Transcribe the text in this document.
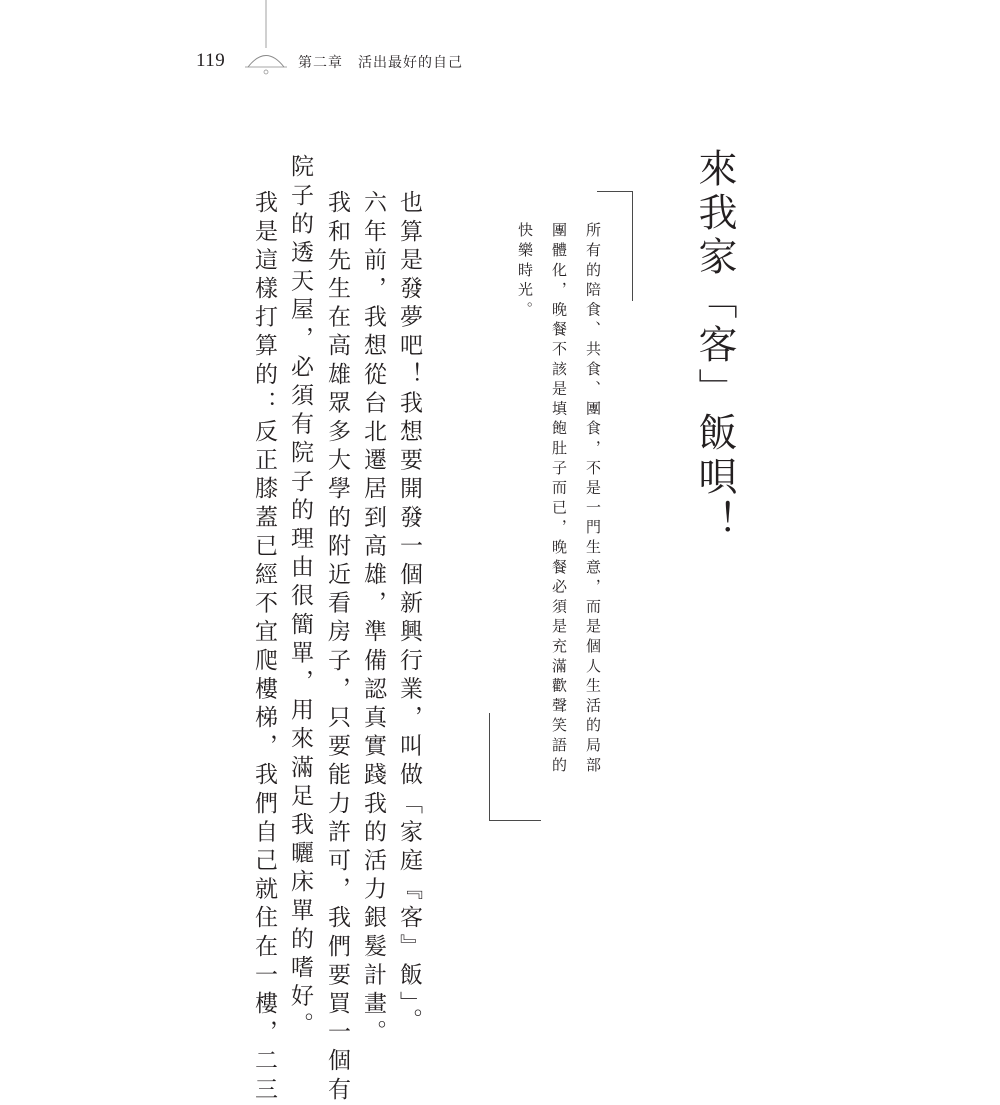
119	第二章　活出最好的自己
來我家「客」飯唄！
所有的陪食、共食、團食，不是一門生意，而是個人生活的局部
團體化，晚餐不該是填飽肚子而已，晚餐必須是充滿歡聲笑語的
快樂時光。
也算是發夢吧！我想要開發一個新興行業，叫做「家庭『客』飯」。
六年前，我想從台北遷居到高雄，準備認真實踐我的活力銀髮計畫。
我和先生在高雄眾多大學的附近看房子，只要能力許可，我們要買一個有
院子的透天屋，必須有院子的理由很簡單，用來滿足我曬床單的嗜好。
我是這樣打算的：反正膝蓋已經不宜爬樓梯，我們自己就住在一樓，二三
